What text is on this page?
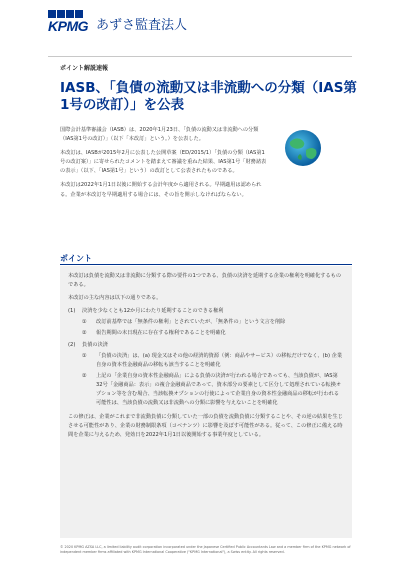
KPMG あずさ監査法人
ポイント解説速報
IASB、「負債の流動又は非流動への分類（IAS第1号の改訂）」を公表

国際会計基準審議会（IASB）は、2020年1月23日、「負債の流動又は非流動への分類（IAS第1号の改訂）」（以下「本改訂」という。）を公表した。

本改訂は、IASBが2015年2月に公表した公開草案（ED/2015/1）「負債の分類（IAS第1号の改訂案）」に寄せられたコメントを踏まえて審議を重ねた結果、IAS第1号「財務諸表の表示」（以下、「IAS第1号」という）の改訂として公表されたものである。

本改訂は2022年1月1日以後に開始する会計年度から適用される。早期適用は認められる。企業が本改訂を早期適用する場合には、その旨を開示しなければならない。

ポイント

本改訂は負債を流動又は非流動に分類する際の要件の1つである、負債の決済を延期する企業の権利を明確化するものである。

本改訂の主な内容は以下の通りである。

(1)	決済を少なくとも12か月にわたり延期することのできる権利
①	改訂前基準では「無条件の権利」とされていたが、「無条件の」という文言を削除
②	報告期間の末日現在に存在する権利であることを明確化
(2)	負債の決済
①	「負債の決済」は、(a) 現金又はその他の経済的資源（例：商品やサービス）の移転だけでなく、(b) 企業自身の資本性金融商品の移転も該当することを明確化
②	上記の「企業自身の資本性金融商品」による負債の決済が行われる場合であっても、当該負債が、IAS第32号「金融商品：表示」の複合金融商品であって、資本部分の要素として区分して処理されている転換オプション等を含む場合、当該転換オプションの行使によって企業自身の資本性金融商品の移転が行われる可能性は、当該負債の流動又は非流動への分類に影響を与えないことを明確化

この修正は、企業がこれまで非流動負債に分類していた一部の負債を流動負債に分類することや、その逆の結果を生じさせる可能性があり、企業の財務制限条項（コベナンツ）に影響を及ぼす可能性がある。従って、この修正に備える時間を企業に与えるため、発効日を2022年1月1日以後開始する事業年度としている。

© 2020 KPMG AZSA LLC, a limited liability audit corporation incorporated under the Japanese Certified Public Accountants Law and a member firm of the KPMG network of independent member firms affiliated with KPMG International Cooperative ("KPMG International"), a Swiss entity. All rights reserved.
